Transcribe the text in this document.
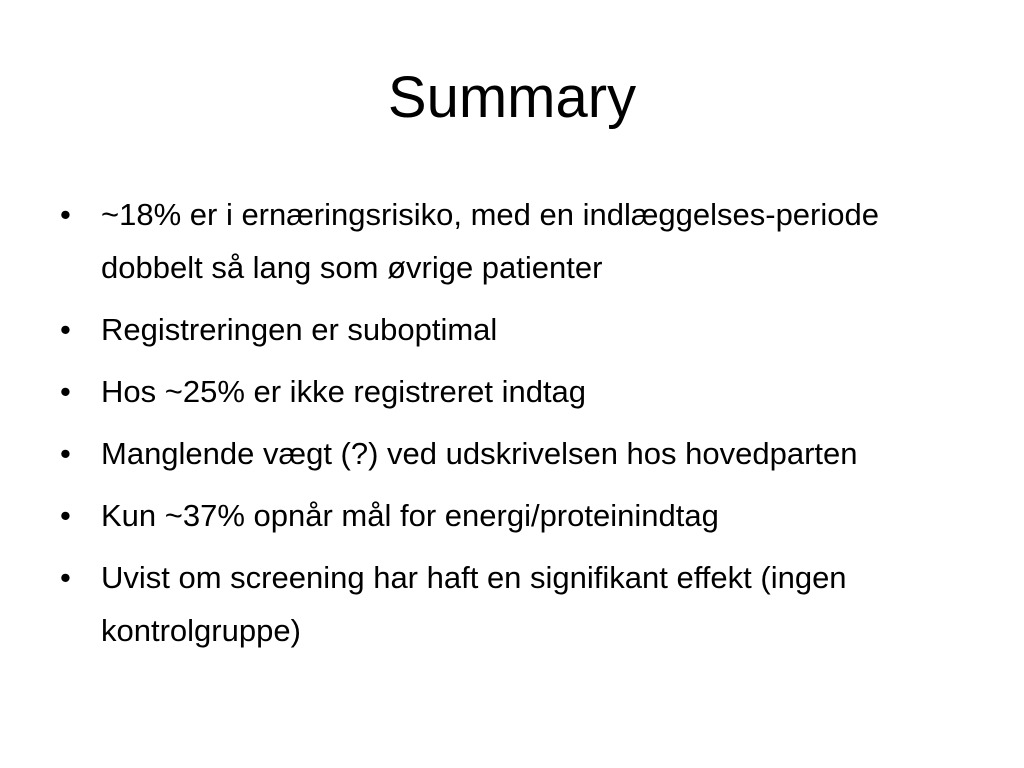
Summary
• ~18% er i ernæringsrisiko, med en indlæggelses-periode dobbelt så lang som øvrige patienter
• Registreringen er suboptimal
• Hos ~25% er ikke registreret indtag
• Manglende vægt (?) ved udskrivelsen hos hovedparten
• Kun ~37% opnår mål for energi/proteinindtag
• Uvist om screening har haft en signifikant effekt (ingen kontrolgruppe)
